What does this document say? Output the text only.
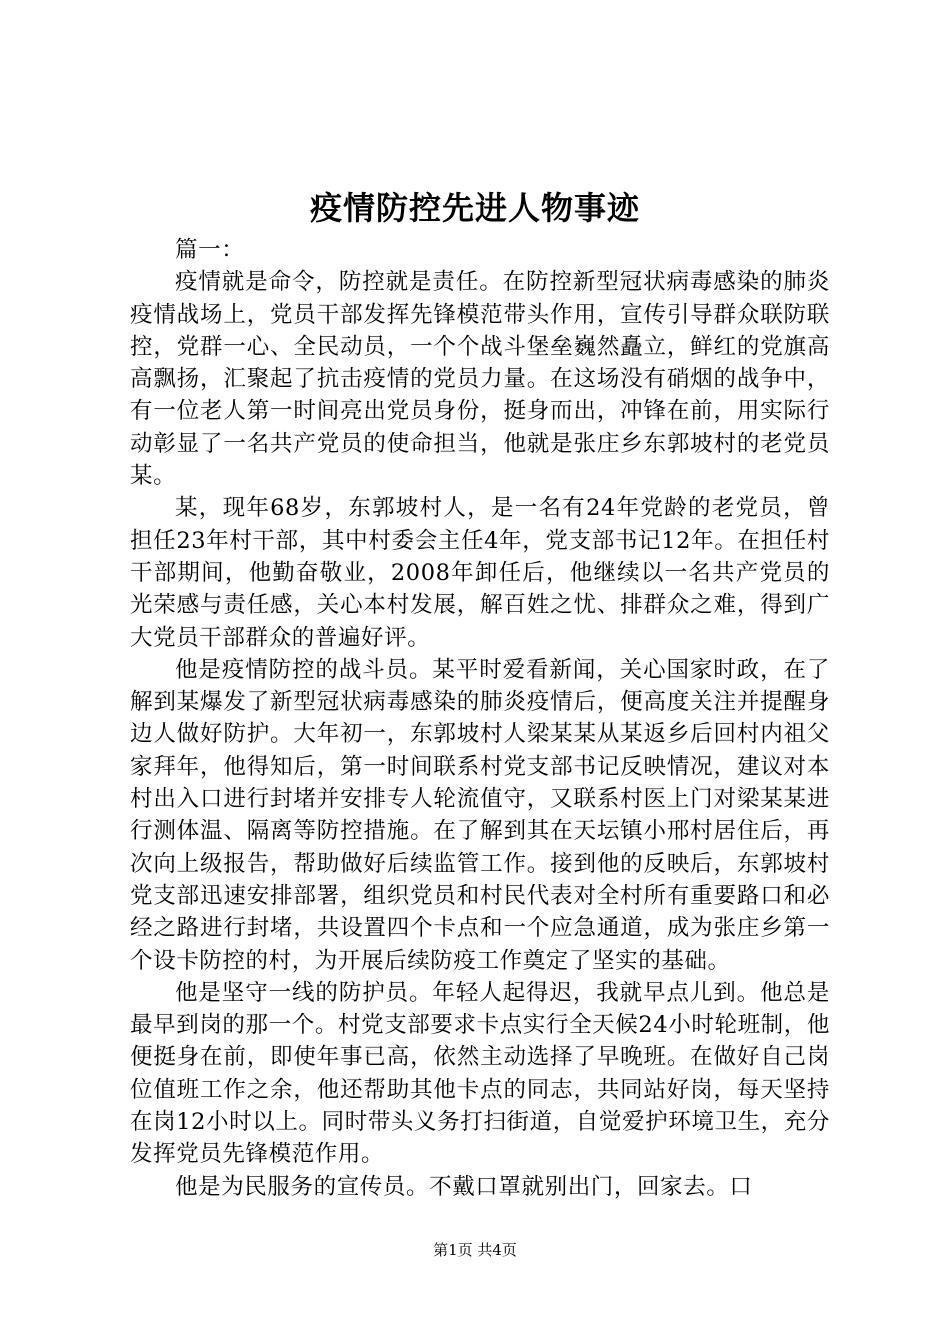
疫情防控先进人物事迹

篇一：

疫情就是命令，防控就是责任。在防控新型冠状病毒感染的肺炎疫情战场上，党员干部发挥先锋模范带头作用，宣传引导群众联防联控，党群一心、全民动员，一个个战斗堡垒巍然矗立，鲜红的党旗高高飘扬，汇聚起了抗击疫情的党员力量。在这场没有硝烟的战争中，有一位老人第一时间亮出党员身份，挺身而出，冲锋在前，用实际行动彰显了一名共产党员的使命担当，他就是张庄乡东郭坡村的老党员某。

某，现年68岁，东郭坡村人，是一名有24年党龄的老党员，曾担任23年村干部，其中村委会主任4年，党支部书记12年。在担任村干部期间，他勤奋敬业，2008年卸任后，他继续以一名共产党员的光荣感与责任感，关心本村发展，解百姓之忧、排群众之难，得到广大党员干部群众的普遍好评。

他是疫情防控的战斗员。某平时爱看新闻，关心国家时政，在了解到某爆发了新型冠状病毒感染的肺炎疫情后，便高度关注并提醒身边人做好防护。大年初一，东郭坡村人梁某某从某返乡后回村内祖父家拜年，他得知后，第一时间联系村党支部书记反映情况，建议对本村出入口进行封堵并安排专人轮流值守，又联系村医上门对梁某某进行测体温、隔离等防控措施。在了解到其在天坛镇小邢村居住后，再次向上级报告，帮助做好后续监管工作。接到他的反映后，东郭坡村党支部迅速安排部署，组织党员和村民代表对全村所有重要路口和必经之路进行封堵，共设置四个卡点和一个应急通道，成为张庄乡第一个设卡防控的村，为开展后续防疫工作奠定了坚实的基础。

他是坚守一线的防护员。年轻人起得迟，我就早点儿到。他总是最早到岗的那一个。村党支部要求卡点实行全天候24小时轮班制，他便挺身在前，即使年事已高，依然主动选择了早晚班。在做好自己岗位值班工作之余，他还帮助其他卡点的同志，共同站好岗，每天坚持在岗12小时以上。同时带头义务打扫街道，自觉爱护环境卫生，充分发挥党员先锋模范作用。

他是为民服务的宣传员。不戴口罩就别出门，回家去。口

第1页 共4页
